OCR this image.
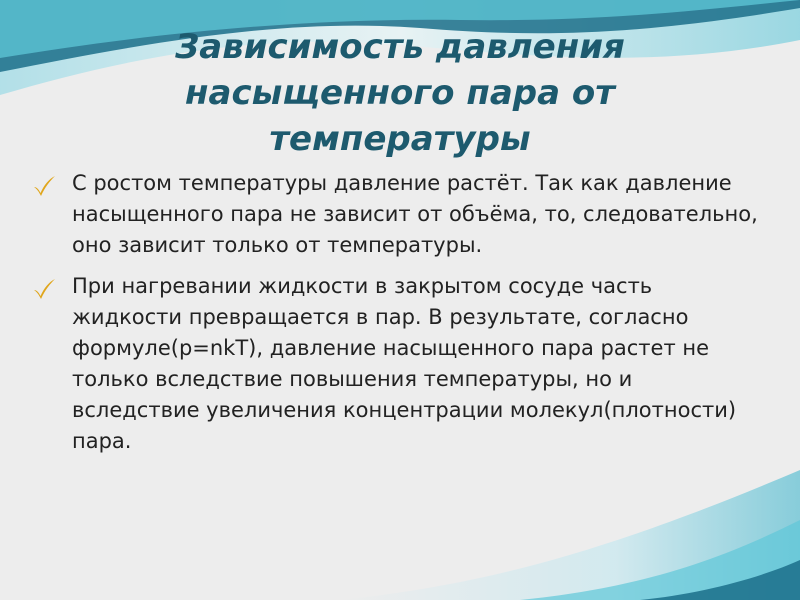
Зависимость давления насыщенного пара от температуры
С ростом температуры давление растёт. Так как давление насыщенного пара не зависит от объёма, то, следовательно, оно зависит только от температуры.
При нагревании жидкости в закрытом сосуде часть жидкости превращается в пар. В результате, согласно формуле(p=nkT), давление насыщенного пара растет не только вследствие повышения температуры, но и вследствие увеличения концентрации молекул(плотности) пара.
